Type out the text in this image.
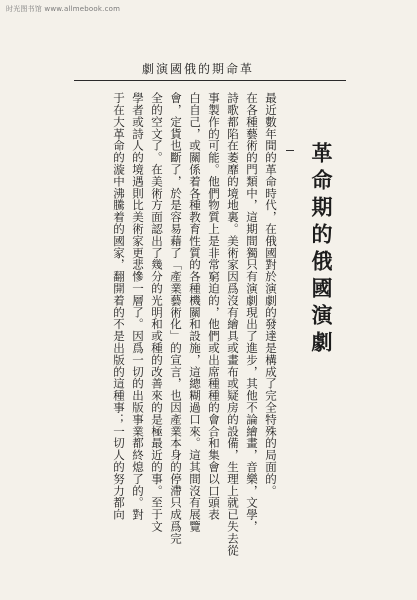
时光图书馆 www.allmebook.com
劇演國俄的期命革
革命期的俄國演劇
最近數年間的革命時代，在俄國對於演劇的發達是構成了完全特殊的局面的。
在各種藝術的門類中，這期間獨只有演劇現出了進步，其他不論繪畫，音樂，文學，
詩歌都陷在萎靡的境地裏。美術家因爲沒有繪具或畫布或疑房的設備，生理上就已失去從
事製作的可能。他們物質上是非常窮迫的，他們或出席種種的會合和集會以口頭表
白自己，或關係着各種教育性質的各種機關和設施，這總糊過口來。這其間沒有展覽
會，定貨也斷了，於是容易藉了「產業藝術化」的宣言，也因產業本身的停滯只成爲完
全的空文了。在美術方面認出了幾分的光明和或種的改善來的是極最近的事。至于文
學者或詩人的境遇則比美術家更悲慘一層了。因爲一切的出版事業都終熄了的。對
于在大革命的漩中沸騰着的國家，翻開着的不是出版的這種事；一切人的努力都向
